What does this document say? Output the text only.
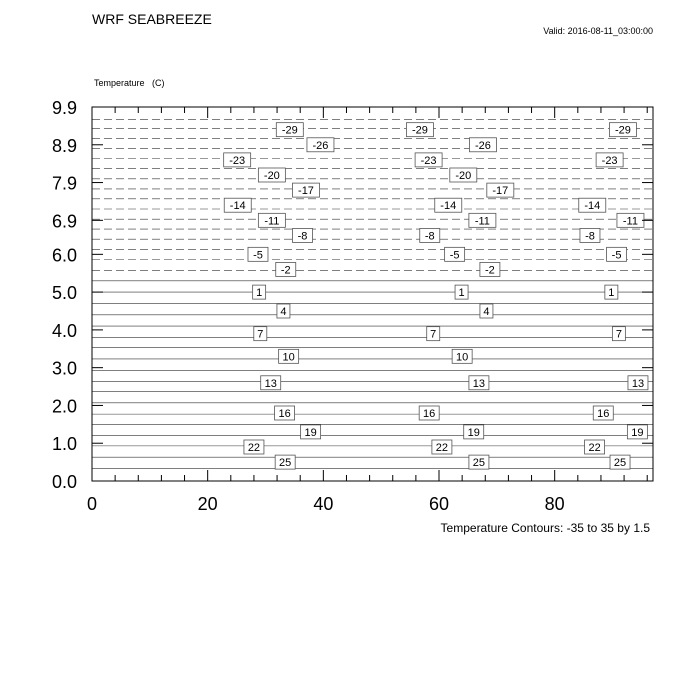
WRF SEABREEZE
Valid: 2016-08-11_03:00:00
Temperature   (C)
-29	-29	-29
-26	-26
-23	-23	-23
-20	-20
-17	-17
-14	-14	-14
-11	-11	-11
-8	-8	-8
-5	-5	-5
-2	-2
1	1	1
4	4
7	7	7
10	10
13	13	13
16	16	16
19	19	19
22	22	22
25	25	25
0.0
1.0
2.0
3.0
4.0
5.0
6.0
6.9
7.9
8.9
9.9
0	20	40	60	80
Temperature Contours: -35 to 35 by 1.5
